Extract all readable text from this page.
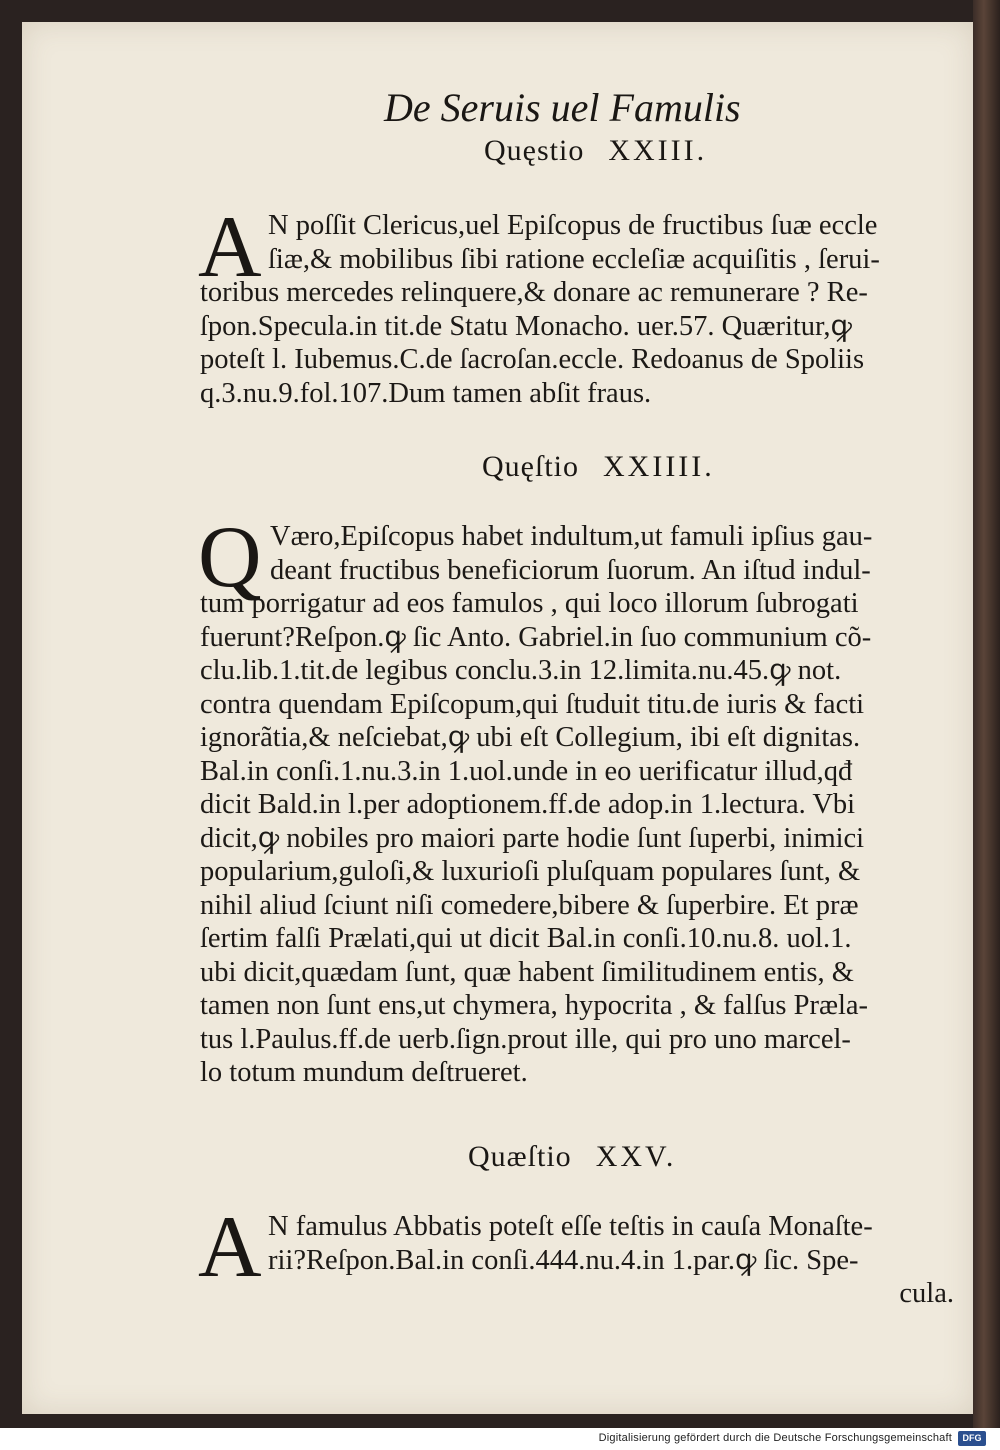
De Seruis uel Famulis
Quęstio XXIII.
A N poſſit Clericus,uel Epiſcopus de fructibus ſuæ eccle
ſiæ,& mobilibus ſibi ratione eccleſiæ acquiſitis , ſerui-
toribus mercedes relinquere,& donare ac remunerare ? Re-
ſpon.Specula.in tit.de Statu Monacho. uer.57. Quæritur,ꝙ
poteſt l. Iubemus.C.de ſacroſan.eccle. Redoanus de Spoliis
q.3.nu.9.fol.107.Dum tamen abſit fraus.
Quęſtio XXIIII.
Q Væro,Epiſcopus habet indultum,ut famuli ipſius gau-
deant fructibus beneficiorum ſuorum. An iſtud indul-
tum porrigatur ad eos famulos , qui loco illorum ſubrogati
fuerunt?Reſpon.ꝙ ſic Anto. Gabriel.in ſuo communium cõ-
clu.lib.1.tit.de legibus conclu.3.in 12.limita.nu.45.ꝙ not.
contra quendam Epiſcopum,qui ſtuduit titu.de iuris & facti
ignorãtia,& neſciebat,ꝙ ubi eſt Collegium, ibi eſt dignitas.
Bal.in conſi.1.nu.3.in 1.uol.unde in eo uerificatur illud,qđ
dicit Bald.in l.per adoptionem.ff.de adop.in 1.lectura. Vbi
dicit,ꝙ nobiles pro maiori parte hodie ſunt ſuperbi, inimici
popularium,guloſi,& luxurioſi pluſquam populares ſunt, &
nihil aliud ſciunt niſi comedere,bibere & ſuperbire. Et præ
ſertim falſi Prælati,qui ut dicit Bal.in conſi.10.nu.8. uol.1.
ubi dicit,quædam ſunt, quæ habent ſimilitudinem entis, &
tamen non ſunt ens,ut chymera, hypocrita , & falſus Præla-
tus l.Paulus.ff.de uerb.ſign.prout ille, qui pro uno marcel-
lo totum mundum deſtrueret.
Quæſtio XXV.
A N famulus Abbatis poteſt eſſe teſtis in cauſa Monaſte-
rii?Reſpon.Bal.in conſi.444.nu.4.in 1.par.ꝙ ſic. Spe-
cula.
Digitalisierung gefördert durch die Deutsche Forschungsgemeinschaft	DFG
